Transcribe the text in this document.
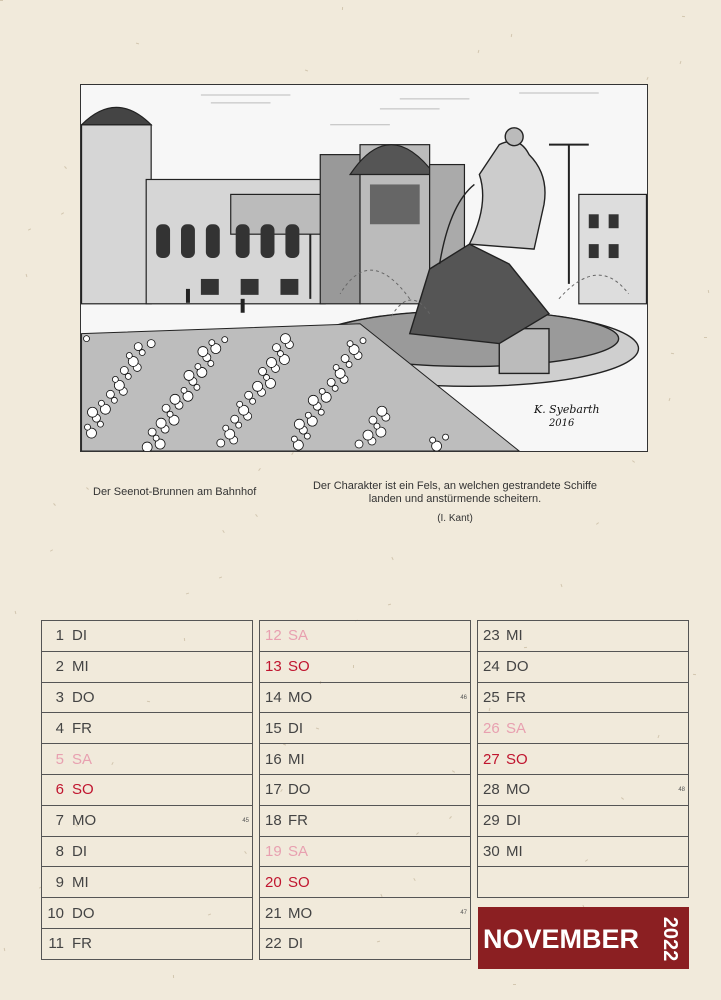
K. Syebarth
2016
Der Seenot-Brunnen am Bahnhof	Der Charakter ist ein Fels, an welchen gestrandete Schiffe
landen und anstürmende scheitern.
(I. Kant)
1 DI
2 MI
3 DO
4 FR
5 SA
6 SO
7 MO	45
8 DI
9 MI
10 DO
11 FR
12 SA
13 SO
14 MO	46
15 DI
16 MI
17 DO
18 FR
19 SA
20 SO
21 MO	47
22 DI
23 MI
24 DO
25 FR
26 SA
27 SO
28 MO	48
29 DI
30 MI
NOVEMBER 2022
